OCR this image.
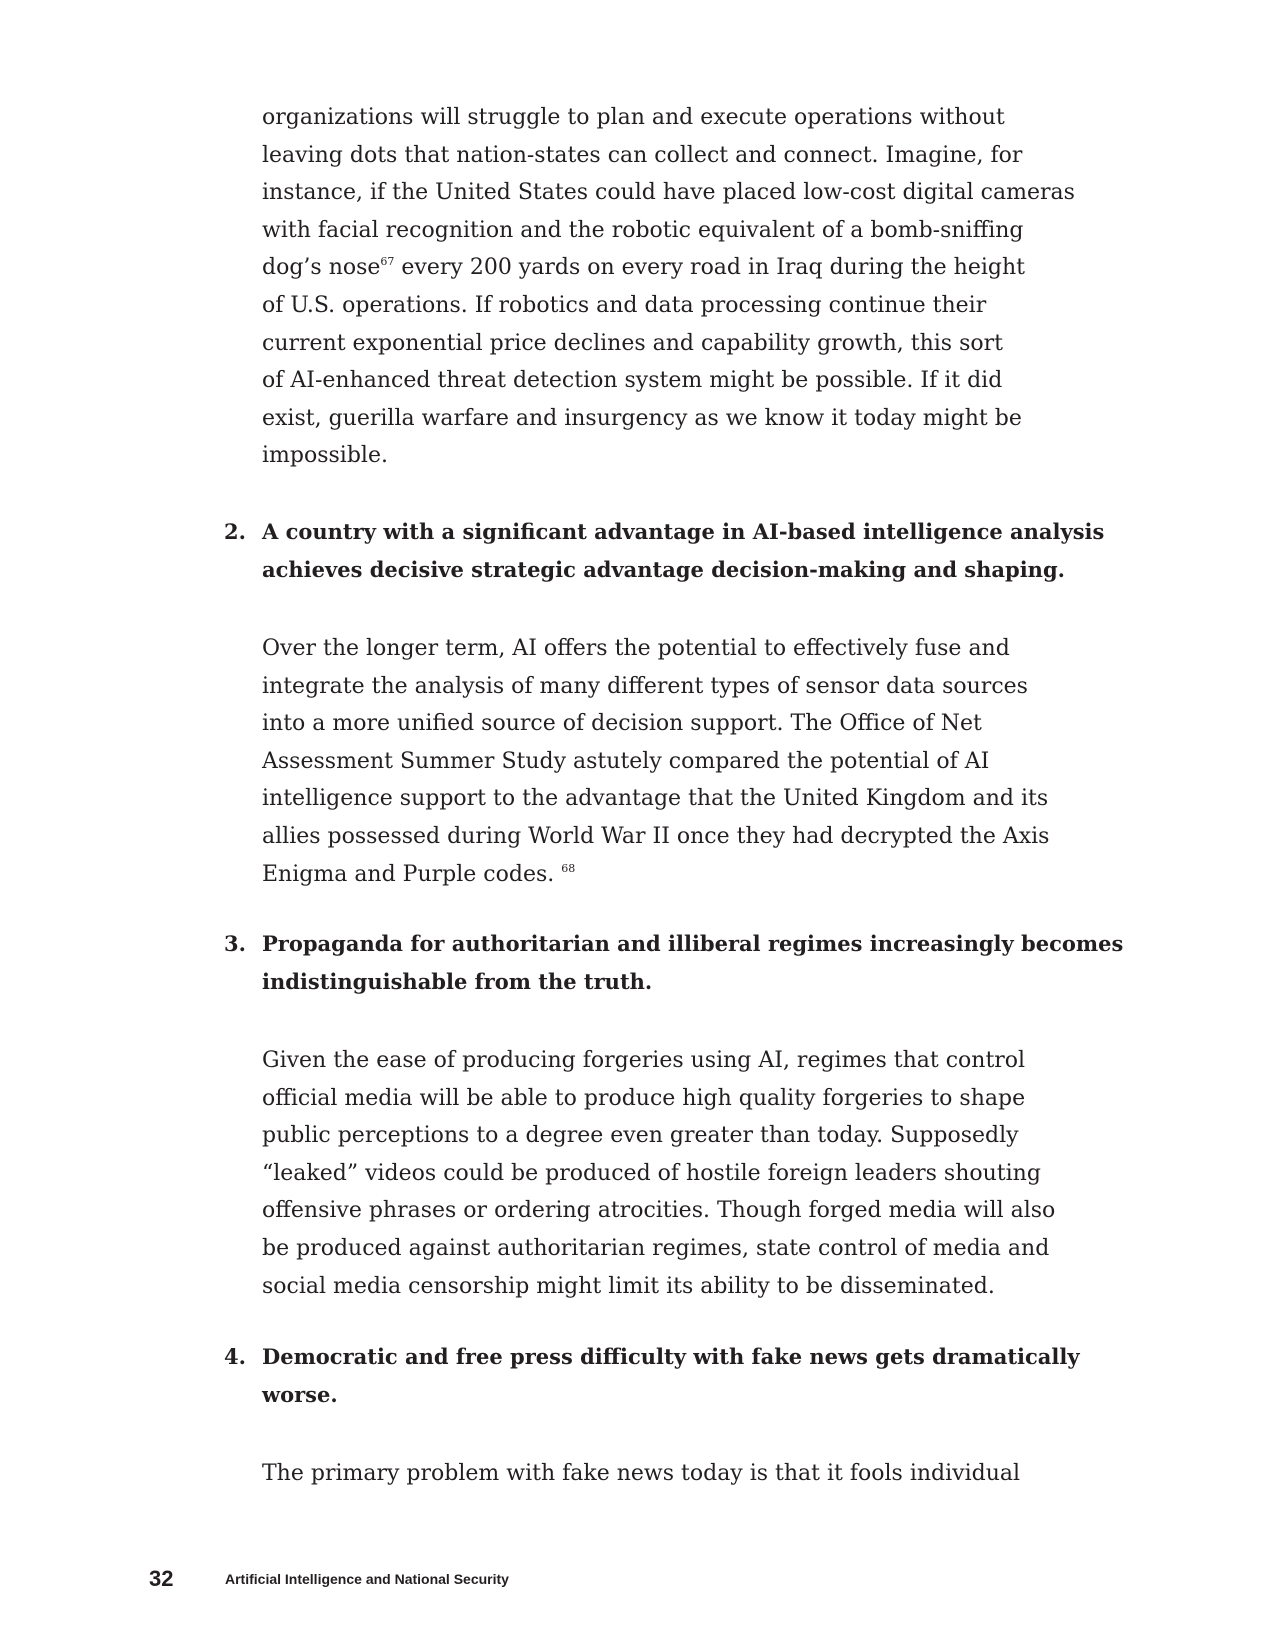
organizations will struggle to plan and execute operations without
leaving dots that nation-states can collect and connect. Imagine, for
instance, if the United States could have placed low-cost digital cameras
with facial recognition and the robotic equivalent of a bomb-sniffing
dog’s nose$^{67}$ every 200 yards on every road in Iraq during the height
of U.S. operations. If robotics and data processing continue their
current exponential price declines and capability growth, this sort
of AI-enhanced threat detection system might be possible. If it did
exist, guerilla warfare and insurgency as we know it today might be
impossible.
2. A country with a significant advantage in AI-based intelligence analysis
achieves decisive strategic advantage decision-making and shaping.
Over the longer term, AI offers the potential to effectively fuse and
integrate the analysis of many different types of sensor data sources
into a more unified source of decision support. The Office of Net
Assessment Summer Study astutely compared the potential of AI
intelligence support to the advantage that the United Kingdom and its
allies possessed during World War II once they had decrypted the Axis
Enigma and Purple codes. $^{68}$
3. Propaganda for authoritarian and illiberal regimes increasingly becomes
indistinguishable from the truth.
Given the ease of producing forgeries using AI, regimes that control
official media will be able to produce high quality forgeries to shape
public perceptions to a degree even greater than today. Supposedly
“leaked” videos could be produced of hostile foreign leaders shouting
offensive phrases or ordering atrocities. Though forged media will also
be produced against authoritarian regimes, state control of media and
social media censorship might limit its ability to be disseminated.
4. Democratic and free press difficulty with fake news gets dramatically
worse.
The primary problem with fake news today is that it fools individual
32	Artificial Intelligence and National Security
